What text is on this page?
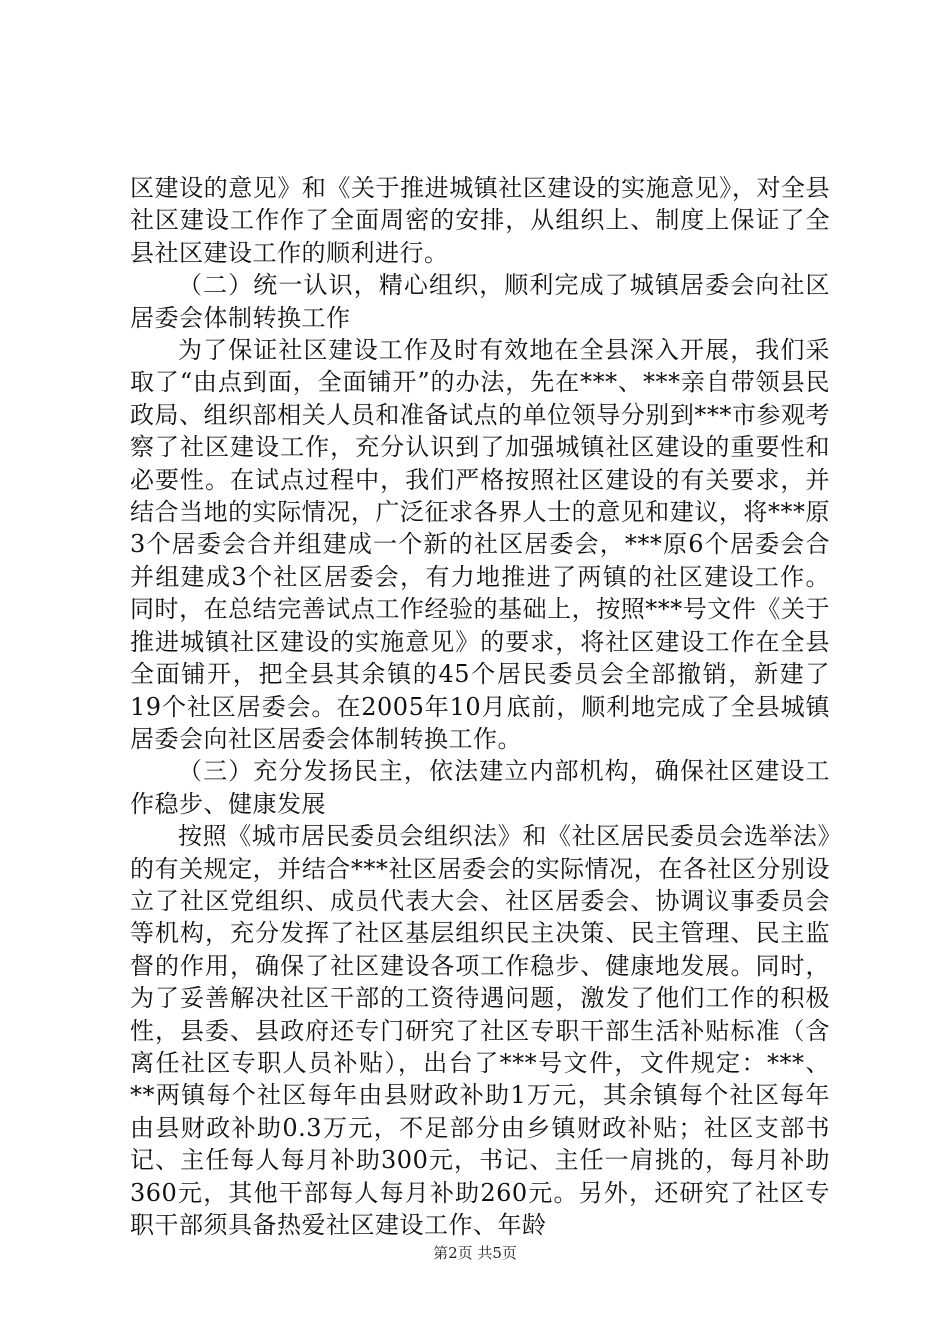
区建设的意见》和《关于推进城镇社区建设的实施意见》，对全县社区建设工作作了全面周密的安排，从组织上、制度上保证了全县社区建设工作的顺利进行。

（二）统一认识，精心组织，顺利完成了城镇居委会向社区居委会体制转换工作

为了保证社区建设工作及时有效地在全县深入开展，我们采取了“由点到面，全面铺开”的办法，先在***、***亲自带领县民政局、组织部相关人员和准备试点的单位领导分别到***市参观考察了社区建设工作，充分认识到了加强城镇社区建设的重要性和必要性。在试点过程中，我们严格按照社区建设的有关要求，并结合当地的实际情况，广泛征求各界人士的意见和建议，将***原3个居委会合并组建成一个新的社区居委会，***原6个居委会合并组建成3个社区居委会，有力地推进了两镇的社区建设工作。同时，在总结完善试点工作经验的基础上，按照***号文件《关于推进城镇社区建设的实施意见》的要求，将社区建设工作在全县全面铺开，把全县其余镇的45个居民委员会全部撤销，新建了19个社区居委会。在2005年10月底前，顺利地完成了全县城镇居委会向社区居委会体制转换工作。

（三）充分发扬民主，依法建立内部机构，确保社区建设工作稳步、健康发展

按照《城市居民委员会组织法》和《社区居民委员会选举法》的有关规定，并结合***社区居委会的实际情况，在各社区分别设立了社区党组织、成员代表大会、社区居委会、协调议事委员会等机构，充分发挥了社区基层组织民主决策、民主管理、民主监督的作用，确保了社区建设各项工作稳步、健康地发展。同时，为了妥善解决社区干部的工资待遇问题，激发了他们工作的积极性，县委、县政府还专门研究了社区专职干部生活补贴标准（含离任社区专职人员补贴），出台了***号文件，文件规定：***、**两镇每个社区每年由县财政补助1万元，其余镇每个社区每年由县财政补助0.3万元，不足部分由乡镇财政补贴；社区支部书记、主任每人每月补助300元，书记、主任一肩挑的，每月补助360元，其他干部每人每月补助260元。另外，还研究了社区专职干部须具备热爱社区建设工作、年龄

第2页 共5页
